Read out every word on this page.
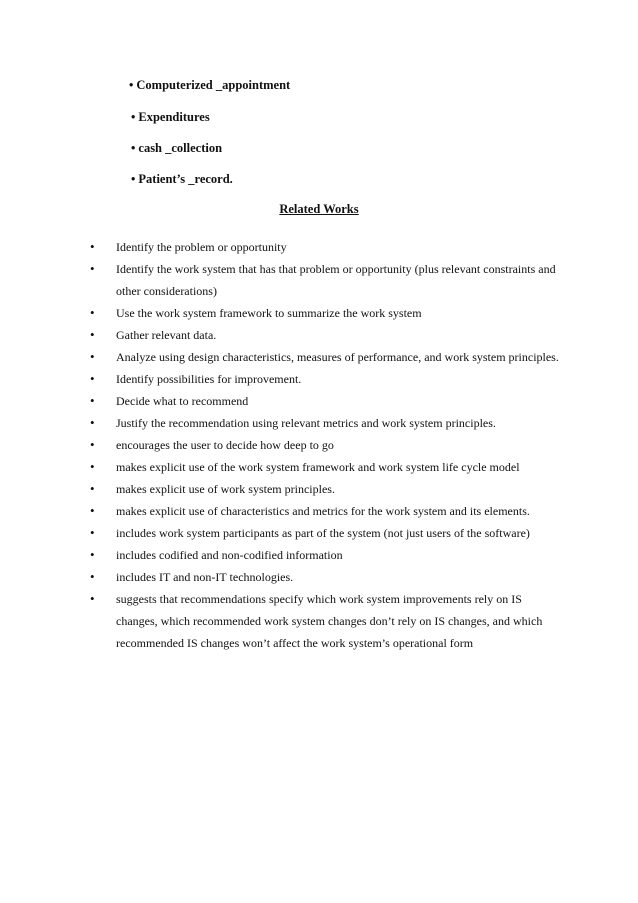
• Computerized _appointment
• Expenditures
• cash _collection
• Patient’s _record.
Related Works
• Identify the problem or opportunity
• Identify the work system that has that problem or opportunity (plus relevant constraints and other considerations)
• Use the work system framework to summarize the work system
• Gather relevant data.
• Analyze using design characteristics, measures of performance, and work system principles.
• Identify possibilities for improvement.
• Decide what to recommend
• Justify the recommendation using relevant metrics and work system principles.
• encourages the user to decide how deep to go
• makes explicit use of the work system framework and work system life cycle model
• makes explicit use of work system principles.
• makes explicit use of characteristics and metrics for the work system and its elements.
• includes work system participants as part of the system (not just users of the software)
• includes codified and non-codified information
• includes IT and non-IT technologies.
• suggests that recommendations specify which work system improvements rely on IS changes, which recommended work system changes don’t rely on IS changes, and which recommended IS changes won’t affect the work system’s operational form
